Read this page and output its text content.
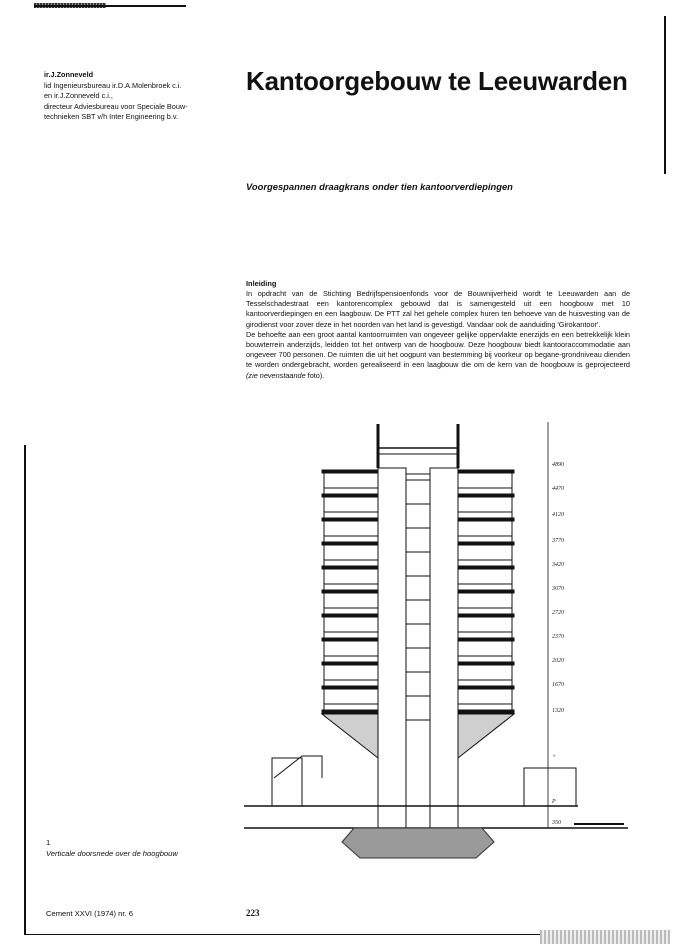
ir.J.Zonneveld
lid Ingenieursbureau ir.D.A.Molenbroek c.i.
en ir.J.Zonneveld c.i.,
directeur Adviesbureau voor Speciale Bouw-
technieken SBT v/h Inter Engineering b.v.
Kantoorgebouw te Leeuwarden
Voorgespannen draagkrans onder tien kantoorverdiepingen
Inleiding

In opdracht van de Stichting Bedrijfspensioenfonds voor de Bouwnijverheid wordt te Leeuwarden aan de Tesselschadestraat een kantorencomplex gebouwd dat is samengesteld uit een hoogbouw met 10 kantoorverdiepingen en een laagbouw. De PTT zal het gehele complex huren ten behoeve van de huisvesting van de girodienst voor zover deze in het noorden van het land is gevestigd. Vandaar ook de aanduiding 'Girokantoor'.

De behoefte aan een groot aantal kantoorruimten van ongeveer gelijke oppervlakte enerzijds en een betrekkelijk klein bouwterrein anderzijds, leidden tot het ontwerp van de hoogbouw. Deze hoogbouw biedt kantooraccommodatie aan ongeveer 700 personen. De ruimten die uit het oogpunt van bestemming bij voorkeur op begane-grondniveau dienden te worden ondergebracht, worden gerealiseerd in een laagbouw die om de kern van de hoogbouw is geprojecteerd (zie nevenstaande foto).

4890
4470
4120
3770
3420
3070
2720
2370
2020
1670
1320
+
P
350
1
Verticale doorsnede over de hoogbouw
Cement XXVI (1974) nr. 6	223
